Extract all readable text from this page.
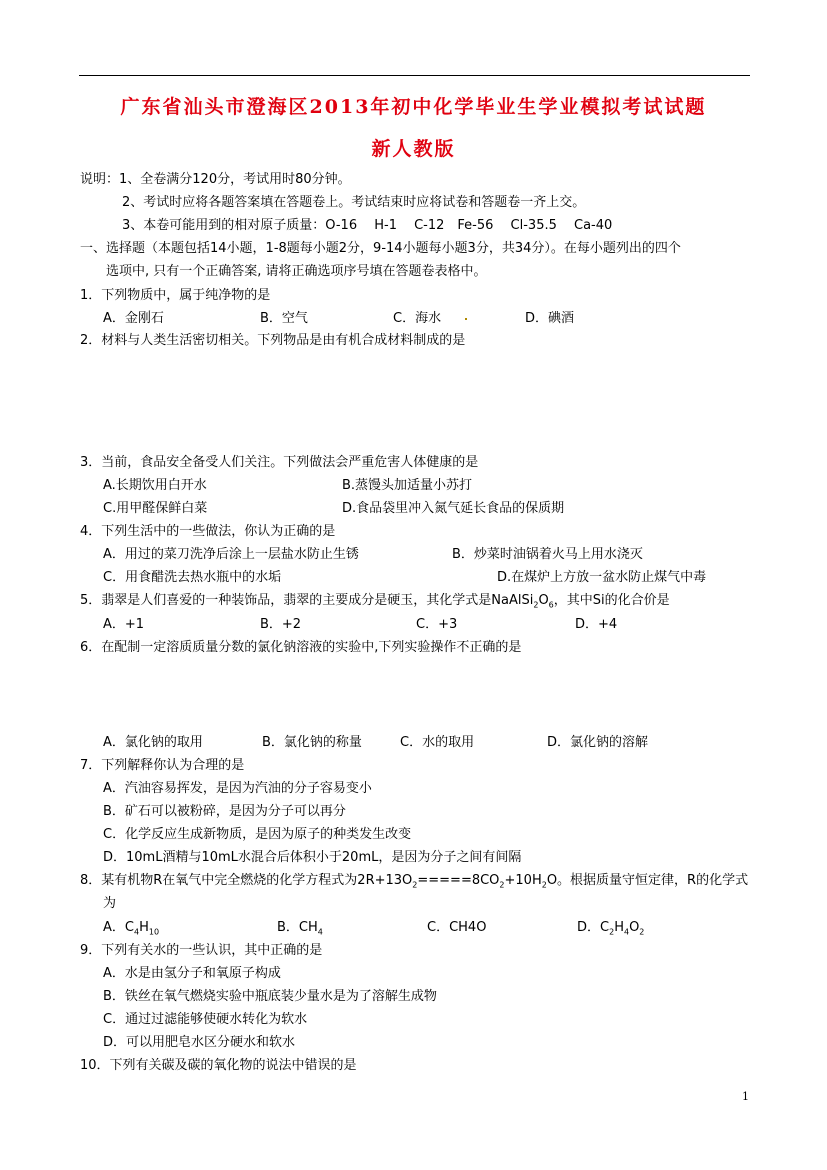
广东省汕头市澄海区2013年初中化学毕业生学业模拟考试试题
新人教版
说明：1、全卷满分120分，考试用时80分钟。
2、考试时应将各题答案填在答题卷上。考试结束时应将试卷和答题卷一齐上交。
3、本卷可能用到的相对原子质量：O-16　 H-1　 C-12　Fe-56　 Cl-35.5　 Ca-40
一、选择题（本题包括14小题，1-8题每小题2分，9-14小题每小题3分，共34分）。在每小题列出的四个
选项中, 只有一个正确答案, 请将正确选项序号填在答题卷表格中。
1．下列物质中，属于纯净物的是
A．金刚石	B．空气	C．海水	D．碘酒
2．材料与人类生活密切相关。下列物品是由有机合成材料制成的是
3．当前，食品安全备受人们关注。下列做法会严重危害人体健康的是
A.长期饮用白开水	B.蒸馒头加适量小苏打
C.用甲醛保鲜白菜	D.食品袋里冲入氮气延长食品的保质期
4．下列生活中的一些做法，你认为正确的是
A．用过的菜刀洗净后涂上一层盐水防止生锈	B．炒菜时油锅着火马上用水浇灭
C．用食醋洗去热水瓶中的水垢	D.在煤炉上方放一盆水防止煤气中毒
5．翡翠是人们喜爱的一种装饰品，翡翠的主要成分是硬玉，其化学式是$NaAlSi_2O_6$，其中Si的化合价是
A．+1	B．+2	C．+3	D．+4
6．在配制一定溶质质量分数的氯化钠溶液的实验中,下列实验操作不正确的是
A．氯化钠的取用	B．氯化钠的称量	C．水的取用	D．氯化钠的溶解
7．下列解释你认为合理的是
A．汽油容易挥发，是因为汽油的分子容易变小
B．矿石可以被粉碎，是因为分子可以再分
C．化学反应生成新物质，是因为原子的种类发生改变
D．10mL酒精与10mL水混合后体积小于20mL，是因为分子之间有间隔
8．某有机物R在氧气中完全燃烧的化学方程式为$2R+13O_2=====8CO_2+10H_2O$。根据质量守恒定律，R的化学式
为
A．$C_4H_{10}$	B．$CH_4$	C．CH4O	D．$C_2H_4O_2$
9．下列有关水的一些认识，其中正确的是
A．水是由氢分子和氧原子构成
B．铁丝在氧气燃烧实验中瓶底装少量水是为了溶解生成物
C．通过过滤能够使硬水转化为软水
D．可以用肥皂水区分硬水和软水
10．下列有关碳及碳的氧化物的说法中错误的是
1
